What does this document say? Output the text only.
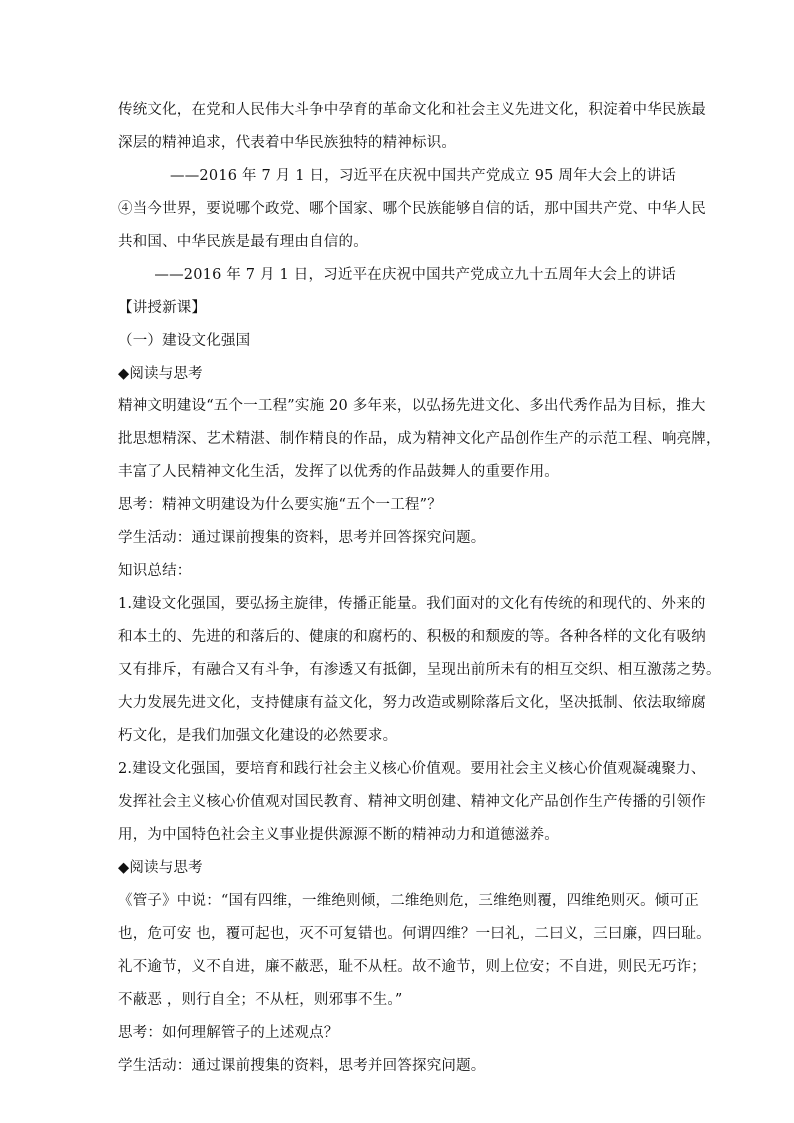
传统文化，在党和人民伟大斗争中孕育的革命文化和社会主义先进文化，积淀着中华民族最
深层的精神追求，代表着中华民族独特的精神标识。
——2016 年 7 月 1 日，习近平在庆祝中国共产党成立 95 周年大会上的讲话
④当今世界，要说哪个政党、哪个国家、哪个民族能够自信的话，那中国共产党、中华人民
共和国、中华民族是最有理由自信的。
——2016 年 7 月 1 日，习近平在庆祝中国共产党成立九十五周年大会上的讲话
【讲授新课】
（一）建设文化强国
◆阅读与思考
精神文明建设“五个一工程”实施 20 多年来，以弘扬先进文化、多出代秀作品为目标，推大
批思想精深、艺术精湛、制作精良的作品，成为精神文化产品创作生产的示范工程、响亮牌，
丰富了人民精神文化生活，发挥了以优秀的作品鼓舞人的重要作用。
思考：精神文明建设为什么要实施“五个一工程”？
学生活动：通过课前搜集的资料，思考并回答探究问题。
知识总结：
1.建设文化强国，要弘扬主旋律，传播正能量。我们面对的文化有传统的和现代的、外来的
和本土的、先进的和落后的、健康的和腐朽的、积极的和颓废的等。各种各样的文化有吸纳
又有排斥，有融合又有斗争，有渗透又有抵御，呈现出前所未有的相互交织、相互激荡之势。
大力发展先进文化，支持健康有益文化，努力改造或剔除落后文化，坚决抵制、依法取缔腐
朽文化，是我们加强文化建设的必然要求。
2.建设文化强国，要培育和践行社会主义核心价值观。要用社会主义核心价值观凝魂聚力、
发挥社会主义核心价值观对国民教育、精神文明创建、精神文化产品创作生产传播的引领作
用，为中国特色社会主义事业提供源源不断的精神动力和道德滋养。
◆阅读与思考
《管子》中说：“国有四维，一维绝则倾，二维绝则危，三维绝则覆，四维绝则灭。倾可正
也，危可安 也，覆可起也，灭不可复错也。何谓四维？一曰礼，二曰义，三曰廉，四曰耻。
礼不逾节，义不自进，廉不蔽恶，耻不从枉。故不逾节，则上位安；不自进，则民无巧诈；
不蔽恶 ，则行自全；不从枉，则邪事不生。”
思考：如何理解管子的上述观点？
学生活动：通过课前搜集的资料，思考并回答探究问题。
